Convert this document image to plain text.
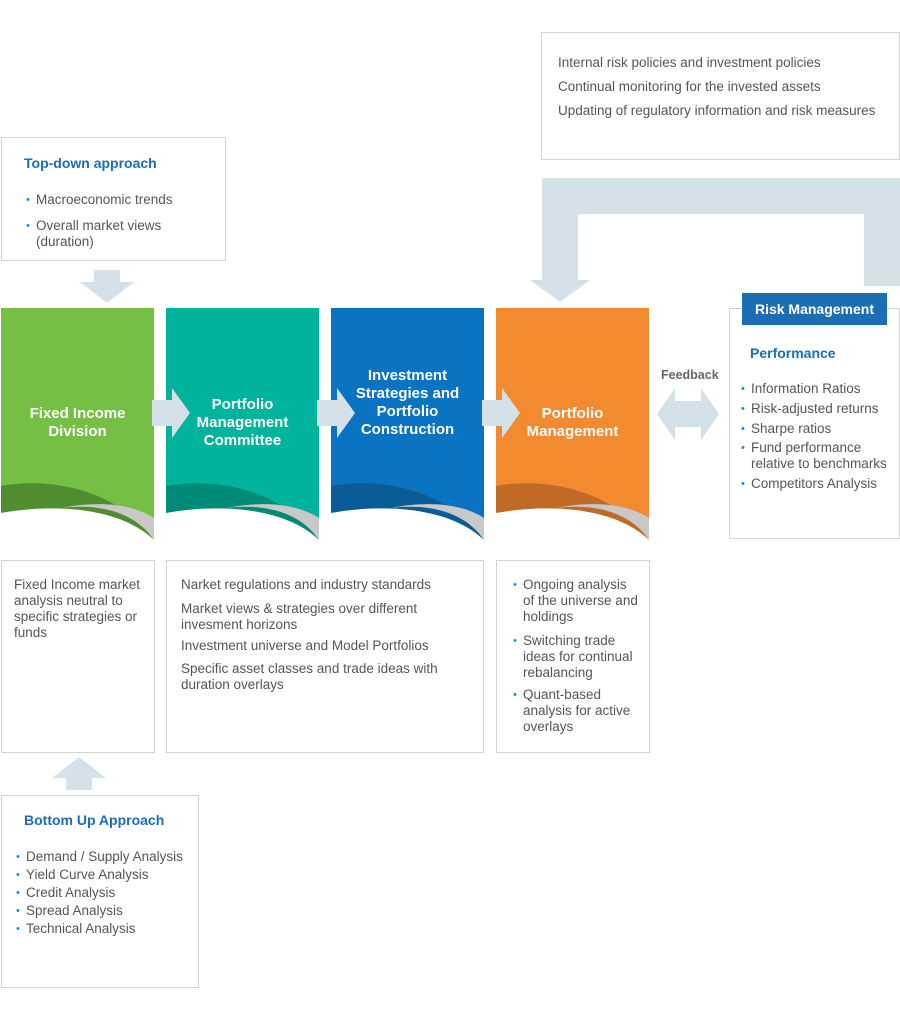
Internal risk policies and investment policies
Continual monitoring for the invested assets
Updating of regulatory information and risk measures
Top-down approach
• Macroeconomic trends
• Overall market views (duration)
Fixed Income Division
Portfolio Management Committee
Investment Strategies and Portfolio Construction
Portfolio Management
Feedback
Performance
• Information Ratios
• Risk-adjusted returns
• Sharpe ratios
• Fund performance relative to benchmarks
• Competitors Analysis
Risk Management

Fixed Income market analysis neutral to specific strategies or funds

Narket regulations and industry standards
Market views & strategies over different invesment horizons
Investment universe and Model Portfolios
Specific asset classes and trade ideas with duration overlays
• Ongoing analysis of the universe and holdings
• Switching trade ideas for continual rebalancing
• Quant-based analysis for active overlays
Bottom Up Approach
• Demand / Supply Analysis
• Yield Curve Analysis
• Credit Analysis
• Spread Analysis
• Technical Analysis
